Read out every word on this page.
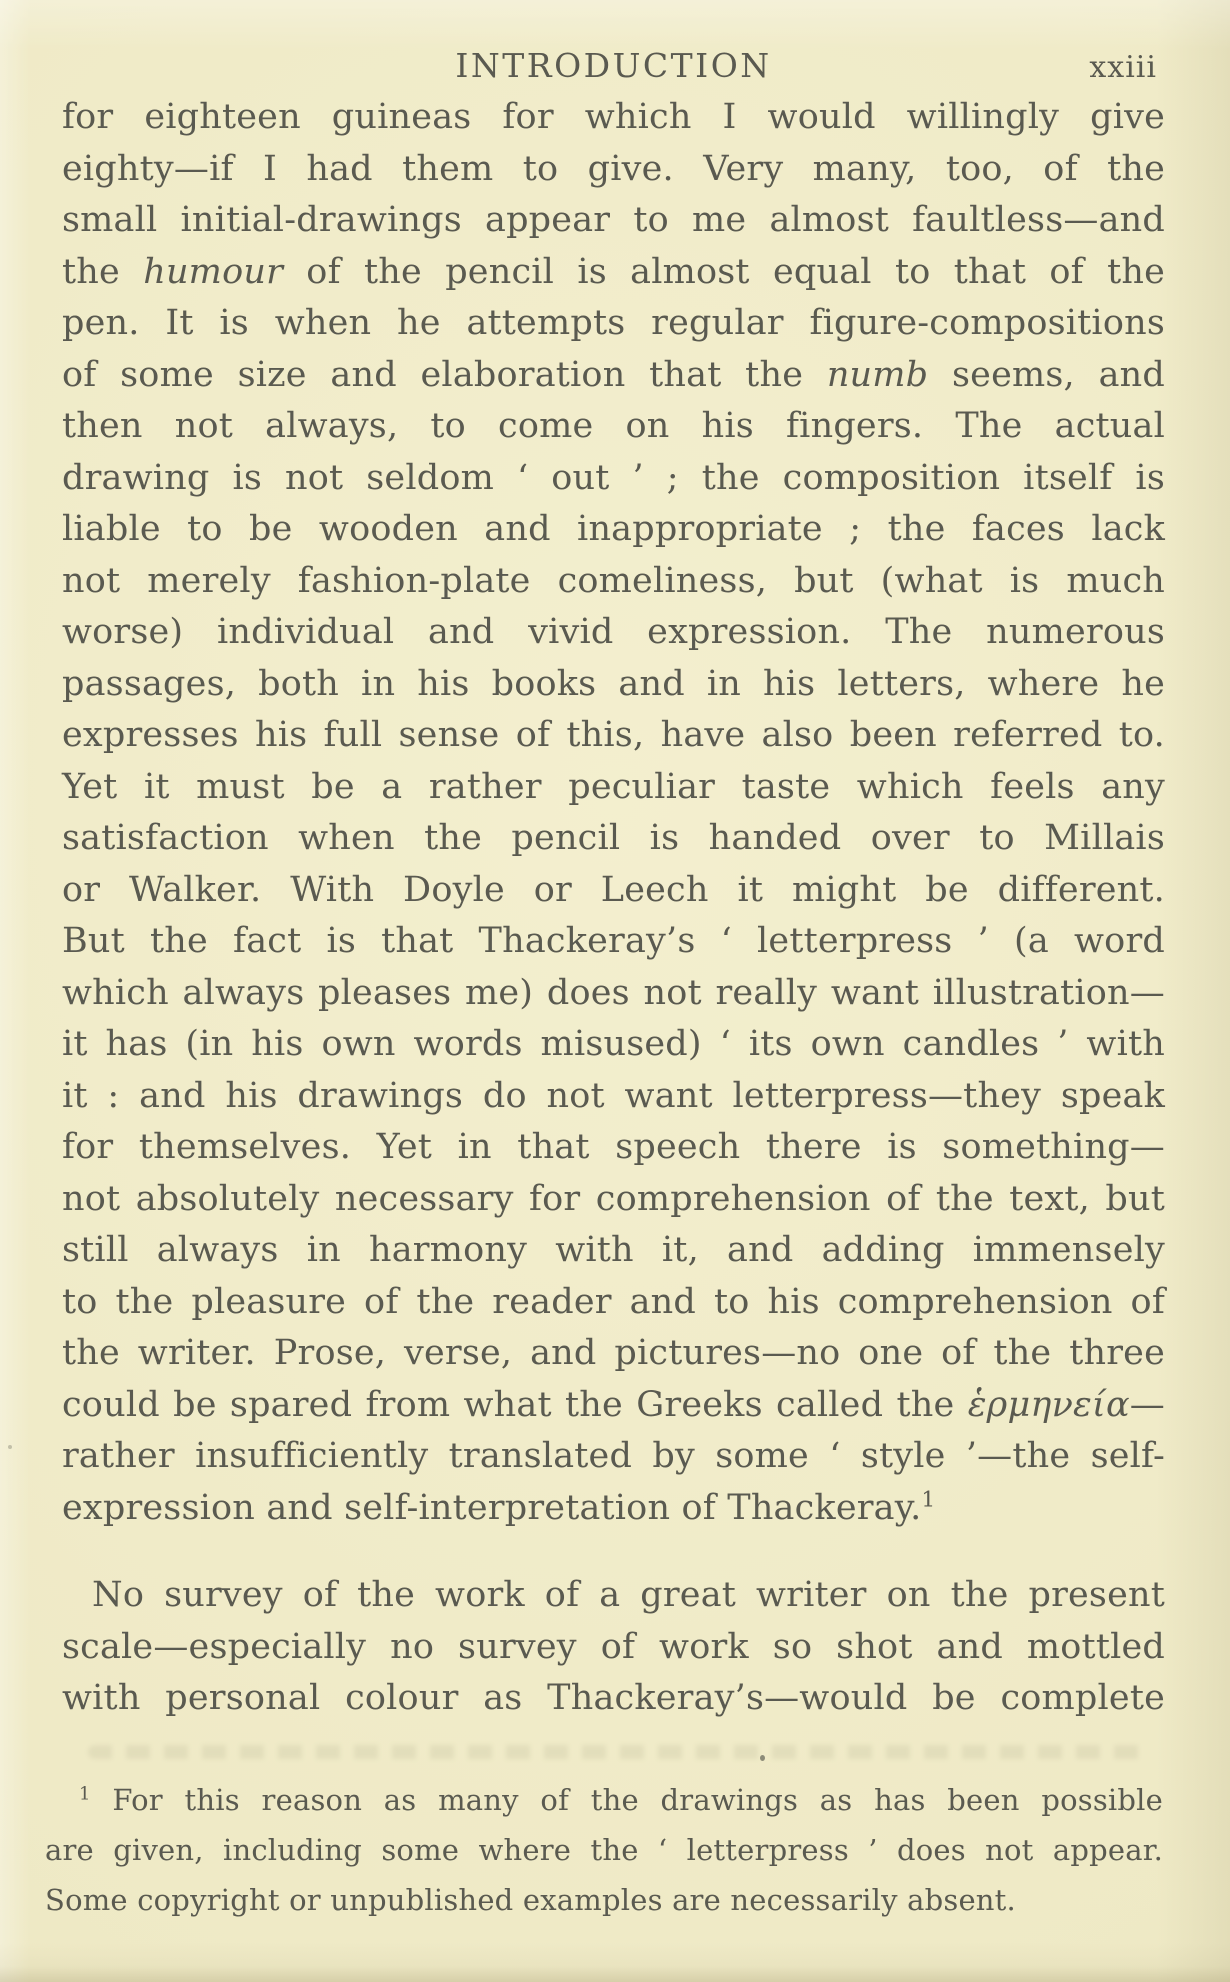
INTRODUCTION	xxiii
for eighteen guineas for which I would willingly give
eighty—if I had them to give. Very many, too, of the
small initial-drawings appear to me almost faultless—and
the humour of the pencil is almost equal to that of the
pen. It is when he attempts regular figure-compositions
of some size and elaboration that the numb seems, and
then not always, to come on his fingers. The actual
drawing is not seldom ‘ out ’ ; the composition itself is
liable to be wooden and inappropriate ; the faces lack
not merely fashion-plate comeliness, but (what is much
worse) individual and vivid expression. The numerous
passages, both in his books and in his letters, where he
expresses his full sense of this, have also been referred to.
Yet it must be a rather peculiar taste which feels any
satisfaction when the pencil is handed over to Millais
or Walker. With Doyle or Leech it might be different.
But the fact is that Thackeray’s ‘ letterpress ’ (a word
which always pleases me) does not really want illustration—
it has (in his own words misused) ‘ its own candles ’ with
it : and his drawings do not want letterpress—they speak
for themselves. Yet in that speech there is something—
not absolutely necessary for comprehension of the text, but
still always in harmony with it, and adding immensely
to the pleasure of the reader and to his comprehension of
the writer. Prose, verse, and pictures—no one of the three
could be spared from what the Greeks called the ἑρμηνεία—
rather insufficiently translated by some ‘ style ’—the self-
expression and self-interpretation of Thackeray.$^1$
No survey of the work of a great writer on the present
scale—especially no survey of work so shot and mottled
with personal colour as Thackeray’s—would be complete
$^1$ For this reason as many of the drawings as has been possible
are given, including some where the ‘ letterpress ’ does not appear.
Some copyright or unpublished examples are necessarily absent.
